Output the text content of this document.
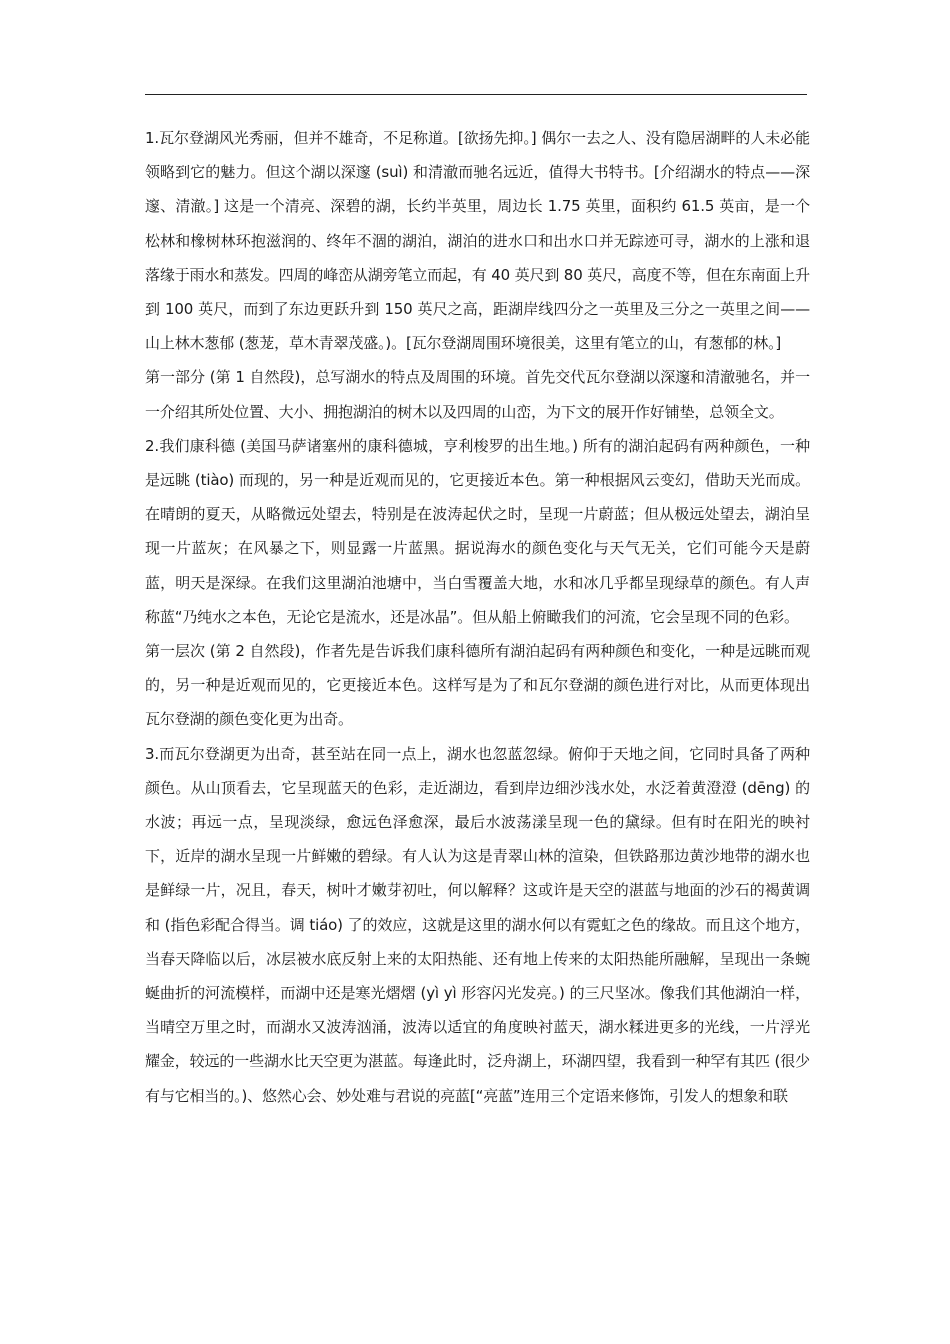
1.瓦尔登湖风光秀丽，但并不雄奇，不足称道。[欲扬先抑。] 偶尔一去之人、没有隐居湖畔的人未必能领略到它的魅力。但这个湖以深邃 (suì) 和清澈而驰名远近，值得大书特书。[介绍湖水的特点——深邃、清澈。] 这是一个清亮、深碧的湖，长约半英里，周边长 1.75 英里，面积约 61.5 英亩，是一个松林和橡树林环抱滋润的、终年不涸的湖泊，湖泊的进水口和出水口并无踪迹可寻，湖水的上涨和退落缘于雨水和蒸发。四周的峰峦从湖旁笔立而起，有 40 英尺到 80 英尺，高度不等，但在东南面上升到 100 英尺，而到了东边更跃升到 150 英尺之高，距湖岸线四分之一英里及三分之一英里之间——山上林木葱郁 (葱茏，草木青翠茂盛。)。[瓦尔登湖周围环境很美，这里有笔立的山，有葱郁的林。]

第一部分 (第 1 自然段)，总写湖水的特点及周围的环境。首先交代瓦尔登湖以深邃和清澈驰名，并一一介绍其所处位置、大小、拥抱湖泊的树木以及四周的山峦，为下文的展开作好铺垫，总领全文。

2.我们康科德 (美国马萨诸塞州的康科德城，亨利梭罗的出生地。) 所有的湖泊起码有两种颜色，一种是远眺 (tiào) 而现的，另一种是近观而见的，它更接近本色。第一种根据风云变幻，借助天光而成。在晴朗的夏天，从略微远处望去，特别是在波涛起伏之时，呈现一片蔚蓝；但从极远处望去，湖泊呈现一片蓝灰；在风暴之下，则显露一片蓝黑。据说海水的颜色变化与天气无关，它们可能今天是蔚蓝，明天是深绿。在我们这里湖泊池塘中，当白雪覆盖大地，水和冰几乎都呈现绿草的颜色。有人声称蓝“乃纯水之本色，无论它是流水，还是冰晶”。但从船上俯瞰我们的河流，它会呈现不同的色彩。

第一层次 (第 2 自然段)，作者先是告诉我们康科德所有湖泊起码有两种颜色和变化，一种是远眺而观的，另一种是近观而见的，它更接近本色。这样写是为了和瓦尔登湖的颜色进行对比，从而更体现出瓦尔登湖的颜色变化更为出奇。

3.而瓦尔登湖更为出奇，甚至站在同一点上，湖水也忽蓝忽绿。俯仰于天地之间，它同时具备了两种颜色。从山顶看去，它呈现蓝天的色彩，走近湖边，看到岸边细沙浅水处，水泛着黄澄澄 (dēng) 的水波；再远一点，呈现淡绿，愈远色泽愈深，最后水波荡漾呈现一色的黛绿。但有时在阳光的映衬下，近岸的湖水呈现一片鲜嫩的碧绿。有人认为这是青翠山林的渲染，但铁路那边黄沙地带的湖水也是鲜绿一片，况且，春天，树叶才嫩芽初吐，何以解释？这或许是天空的湛蓝与地面的沙石的褐黄调和 (指色彩配合得当。调 tiáo) 了的效应，这就是这里的湖水何以有霓虹之色的缘故。而且这个地方，当春天降临以后，冰层被水底反射上来的太阳热能、还有地上传来的太阳热能所融解，呈现出一条蜿蜒曲折的河流模样，而湖中还是寒光熠熠 (yì yì 形容闪光发亮。) 的三尺坚冰。像我们其他湖泊一样，当晴空万里之时，而湖水又波涛汹涌，波涛以适宜的角度映衬蓝天，湖水糅进更多的光线，一片浮光耀金，较远的一些湖水比天空更为湛蓝。每逢此时，泛舟湖上，环湖四望，我看到一种罕有其匹 (很少有与它相当的。)、悠然心会、妙处难与君说的亮蓝[“亮蓝”连用三个定语来修饰，引发人的想象和联
